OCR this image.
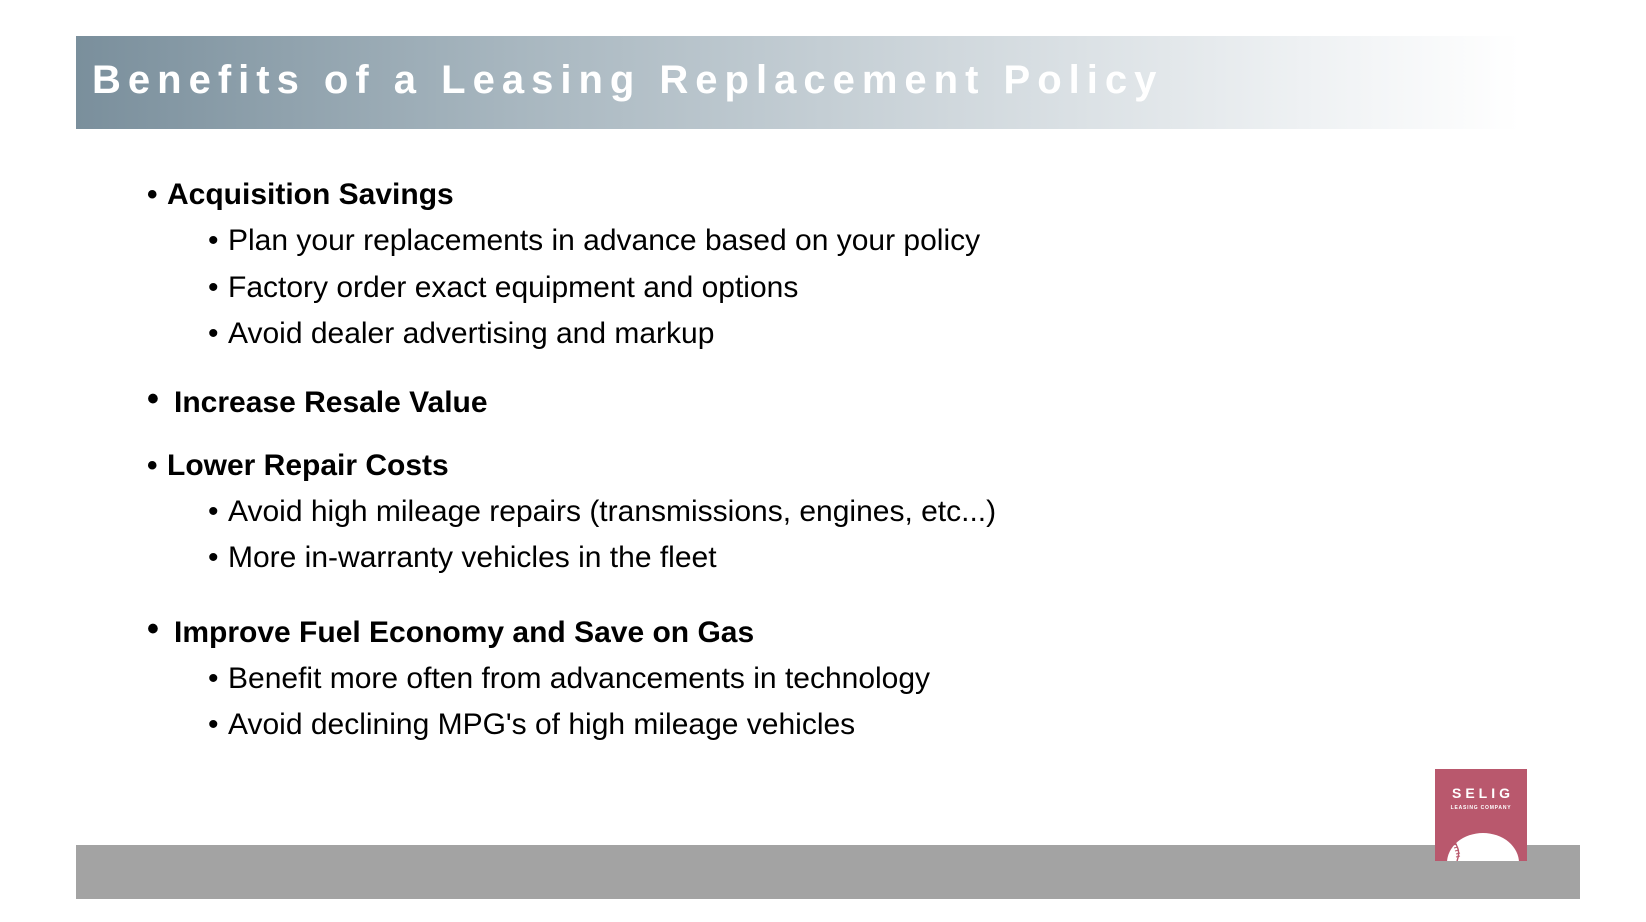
Benefits of a Leasing Replacement Policy
• Acquisition Savings
• Plan your replacements in advance based on your policy
• Factory order exact equipment and options
• Avoid dealer advertising and markup
• Increase Resale Value
• Lower Repair Costs
• Avoid high mileage repairs (transmissions, engines, etc...)
• More in-warranty vehicles in the fleet
• Improve Fuel Economy and Save on Gas
• Benefit more often from advancements in technology
• Avoid declining MPG's of high mileage vehicles
SELIG
LEASING COMPANY
